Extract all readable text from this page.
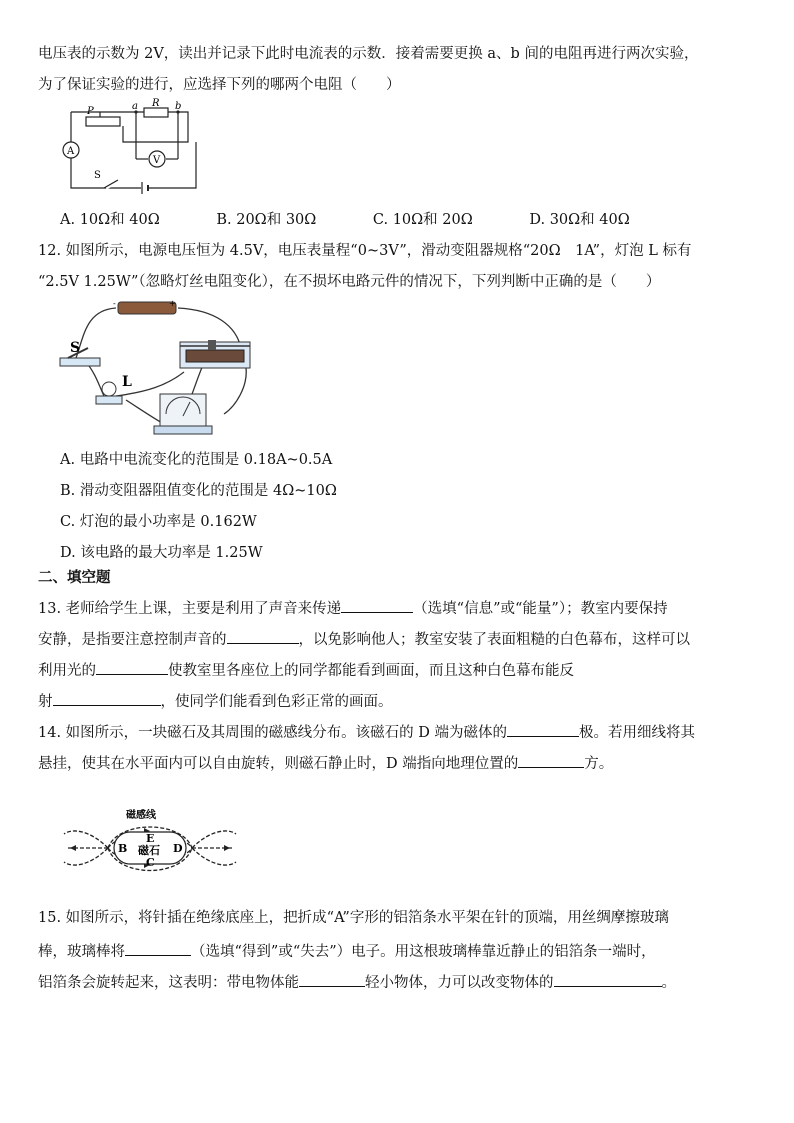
电压表的示数为 2V，读出并记录下此时电流表的示数．接着需要更换 a、b 间的电阻再进行两次实验，
为了保证实验的进行，应选择下列的哪两个电阻（　　）
P	a R b
A
V
S
A. 10Ω和 40Ω	B. 20Ω和 30Ω	C. 10Ω和 20Ω	D. 30Ω和 40Ω
12. 如图所示，电源电压恒为 4.5V，电压表量程“0~3V”，滑动变阻器规格“20Ω　1A”，灯泡 L 标有
“2.5V 1.25W”（忽略灯丝电阻变化），在不损坏电路元件的情况下，下列判断中正确的是（　　）
+
-
S
L
A. 电路中电流变化的范围是 0.18A~0.5A
B. 滑动变阻器阻值变化的范围是 4Ω~10Ω
C. 灯泡的最小功率是 0.162W
D. 该电路的最大功率是 1.25W
二、填空题
13. 老师给学生上课，主要是利用了声音来传递	（选填“信息”或“能量”）；教室内要保持
安静，是指要注意控制声音的	，以免影响他人；教室安装了表面粗糙的白色幕布，这样可以
利用光的	使教室里各座位上的同学都能看到画面，而且这种白色幕布能反
射	，使同学们能看到色彩正常的画面。
14. 如图所示，一块磁石及其周围的磁感线分布。该磁石的 D 端为磁体的	极。若用细线将其
悬挂，使其在水平面内可以自由旋转，则磁石静止时，D 端指向地理位置的	方。
磁感线
B
E
磁石
C
D
15. 如图所示，将针插在绝缘底座上，把折成“A”字形的铝箔条水平架在针的顶端，用丝绸摩擦玻璃
棒，玻璃棒将	（选填“得到”或“失去”）电子。用这根玻璃棒靠近静止的铝箔条一端时，
铝箔条会旋转起来，这表明：带电物体能	轻小物体，力可以改变物体的	。
